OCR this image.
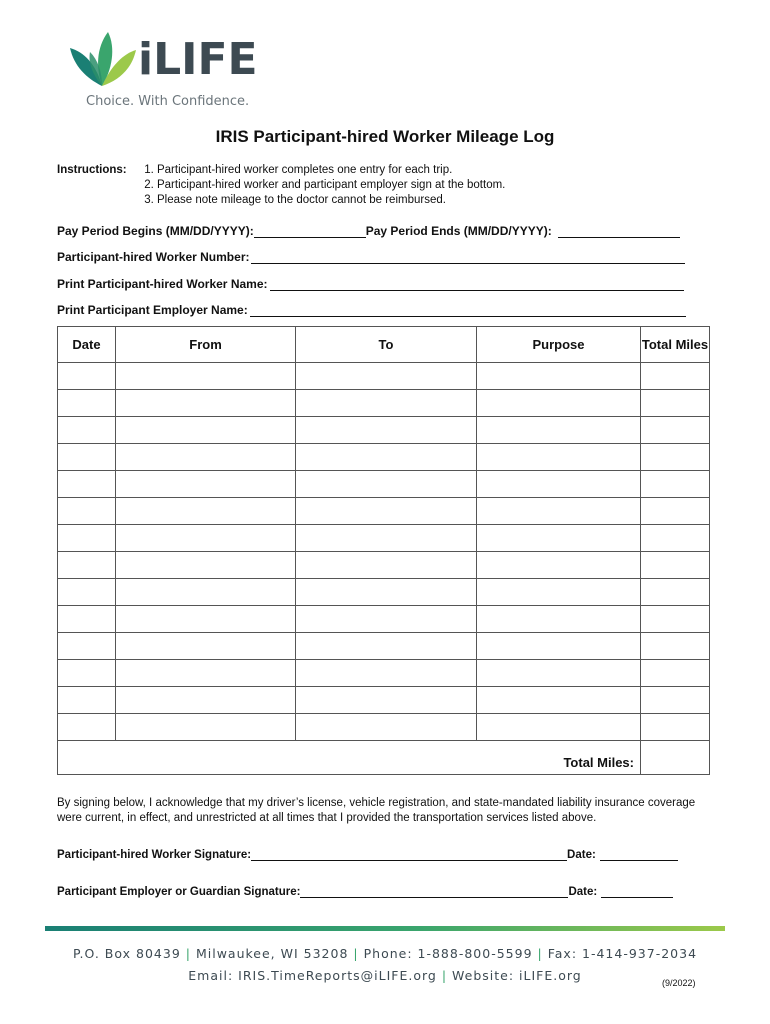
iLIFE
Choice. With Confidence.
IRIS Participant-hired Worker Mileage Log
Instructions: 1. Participant-hired worker completes one entry for each trip.
2. Participant-hired worker and participant employer sign at the bottom.
3. Please note mileage to the doctor cannot be reimbursed.
Pay Period Begins (MM/DD/YYYY):	Pay Period Ends (MM/DD/YYYY):
Participant-hired Worker Number:
Print Participant-hired Worker Name:
Print Participant Employer Name:
Date	From	To	Purpose	Total Miles

Total Miles:				
By signing below, I acknowledge that my driver’s license, vehicle registration, and state-mandated liability insurance coverage were current, in effect, and unrestricted at all times that I provided the transportation services listed above.
Participant-hired Worker Signature:	Date:
Participant Employer or Guardian Signature:	Date:
P.O. Box 80439 | Milwaukee, WI 53208 | Phone: 1-888-800-5599 | Fax: 1-414-937-2034
Email: IRIS.TimeReports@iLIFE.org | Website: iLIFE.org	(9/2022)
